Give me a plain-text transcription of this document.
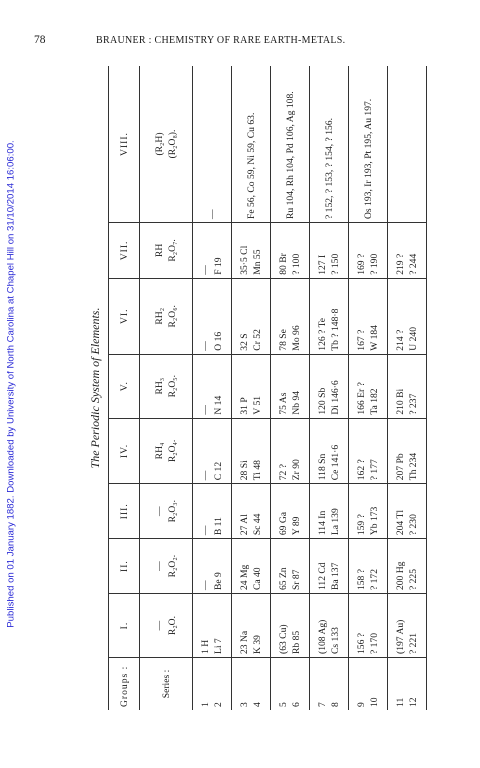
Published on 01 January 1882. Downloaded by University of North Carolina at Chapel Hill on 31/10/2014 16:06:00.
78	BRAUNER : CHEMISTRY OF RARE EARTH-METALS.
The Periodic System of Elements.
Groups :	I.	II.	III.	IV.	V.	VI.	VII.	VIII.
Series :	— R₂O.	— R₂O₂.	— R₂O₃.	RH₄ R₂O₄.	RH₃ R₂O₅.	RH₂ R₂O₆.	RH R₂O₇.	(R₂H) (R₂O₈).

1 2	1 H Li 7	— Be 9	— B 11	— C 12	— N 14	— O 16	— F 19	—

3 4	23 Na K 39	24 Mg Ca 40	27 Al Sc 44	28 Si Ti 48	31 P V 51	32 S Cr 52	35·5 Cl Mn 55	Fe 56, Co 59, Ni 59, Cu 63.

5 6	(63 Cu) Rb 85	65 Zn Sr 87	69 Ga Y 89	72 ? Zr 90	75 As Nb 94	78 Se Mo 96	80 Br ? 100	Ru 104, Rh 104, Pd 106, Ag 108.

7 8	(108 Ag) Cs 133	112 Cd Ba 137	114 In La 139	118 Sn Ce 141·6	120 Sb Di 146·6	126 ? Te Tb ? 148·8	127 I ? 150	? 152, ? 153, ? 154, ? 156.

9 10	156 ? ? 170	158 ? ? 172	159 ? Yb 173	162 ? ? 177	166 Er ? Ta 182	167 ? W 184	169 ? ? 190	Os 193, Ir 193, Pt 195, Au 197.

11 12	(197 Au) ? 221	200 Hg ? 225	204 Tl ? 230	207 Pb Th 234	210 Bi ? 237	214 ? U 240	219 ? ? 244	
